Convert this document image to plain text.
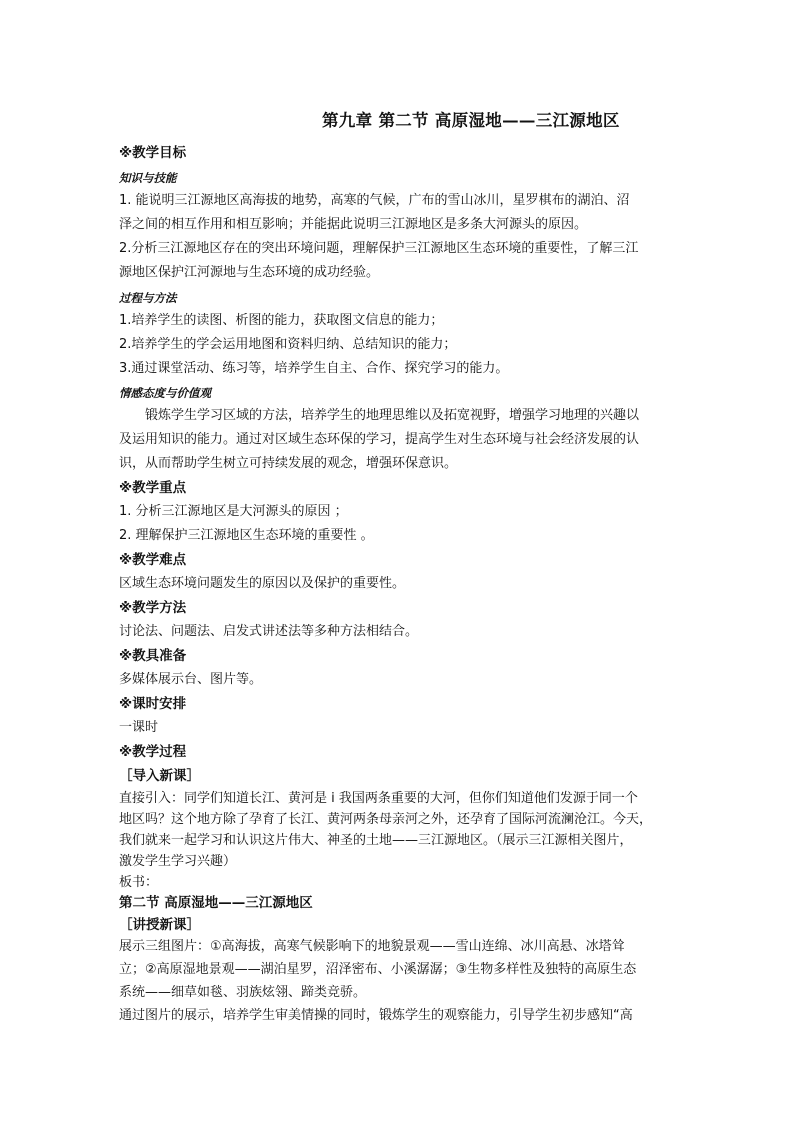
第九章 第二节 高原湿地——三江源地区
※教学目标
知识与技能
1. 能说明三江源地区高海拔的地势，高寒的气候，广布的雪山冰川，星罗棋布的湖泊、沼
泽之间的相互作用和相互影响；并能据此说明三江源地区是多条大河源头的原因。
2.分析三江源地区存在的突出环境问题，理解保护三江源地区生态环境的重要性，了解三江
源地区保护江河源地与生态环境的成功经验。
过程与方法
1.培养学生的读图、析图的能力，获取图文信息的能力；
2.培养学生的学会运用地图和资料归纳、总结知识的能力；
3.通过课堂活动、练习等，培养学生自主、合作、探究学习的能力。
情感态度与价值观
锻炼学生学习区域的方法，培养学生的地理思维以及拓宽视野，增强学习地理的兴趣以
及运用知识的能力。通过对区域生态环保的学习，提高学生对生态环境与社会经济发展的认
识，从而帮助学生树立可持续发展的观念，增强环保意识。
※教学重点
1. 分析三江源地区是大河源头的原因 ；
2. 理解保护三江源地区生态环境的重要性 。
※教学难点
区域生态环境问题发生的原因以及保护的重要性。
※教学方法
讨论法、问题法、启发式讲述法等多种方法相结合。
※教具准备
多媒体展示台、图片等。
※课时安排
一课时
※教学过程
［导入新课］
直接引入：同学们知道长江、黄河是 i 我国两条重要的大河，但你们知道他们发源于同一个
地区吗？这个地方除了孕育了长江、黄河两条母亲河之外，还孕育了国际河流澜沧江。今天，
我们就来一起学习和认识这片伟大、神圣的土地——三江源地区。（展示三江源相关图片，
激发学生学习兴趣）
板书：
第二节 高原湿地——三江源地区
［讲授新课］
展示三组图片：①高海拔，高寒气候影响下的地貌景观——雪山连绵、冰川高悬、冰塔耸
立；②高原湿地景观——湖泊星罗，沼泽密布、小溪潺潺；③生物多样性及独特的高原生态
系统——细草如毯、羽族炫翎、蹄类竞骄。
通过图片的展示，培养学生审美情操的同时，锻炼学生的观察能力，引导学生初步感知“高
